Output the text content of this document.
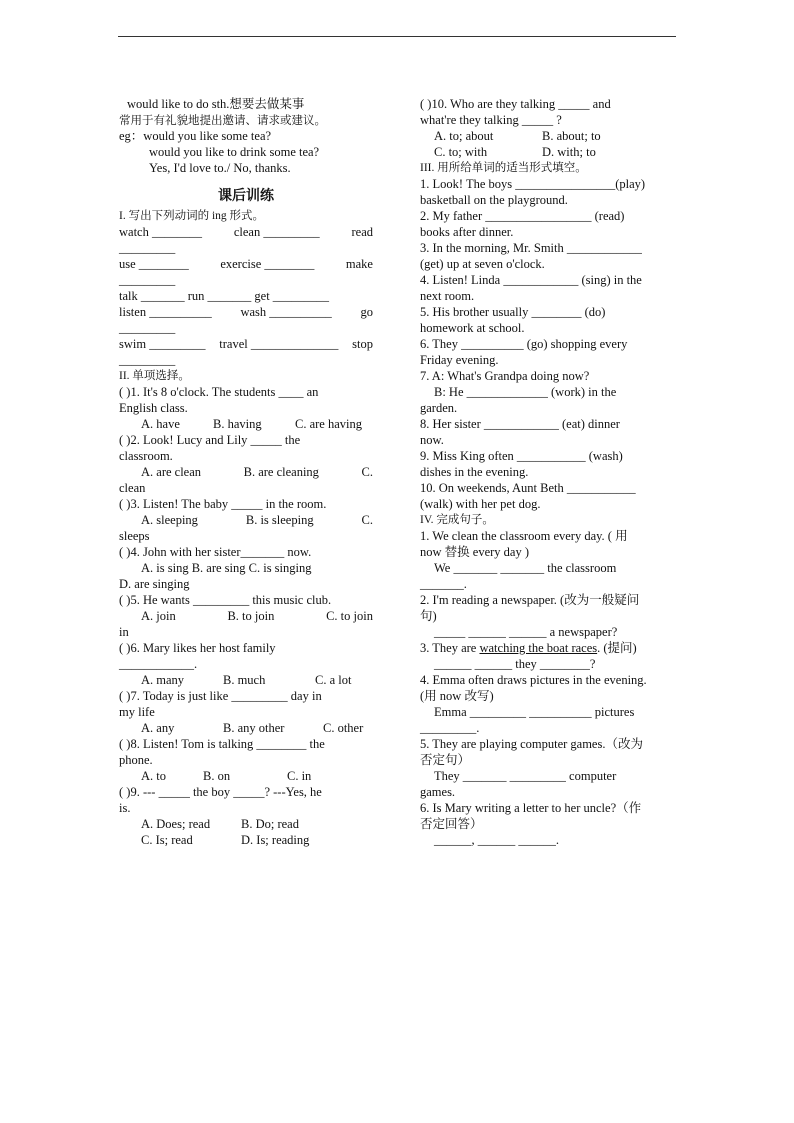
would like to do sth.想要去做某事
常用于有礼貌地提出邀请、请求或建议。
eg：would you like some tea?
would you like to drink some tea?
Yes, I'd love to./ No, thanks.
课后训练
I. 写出下列动词的 ing 形式。
watch ________	clean _________	read
_________
use ________	exercise ________	make
_________
talk _______ run _______ get _________
listen __________ wash __________ go
_________
swim _________ travel ______________ stop
_________
II. 单项选择。
( )1. It's 8 o'clock. The students ____ an
English class.
A. have	B. having	C. are having
( )2. Look! Lucy and Lily _____ the
classroom.
A. are clean	B. are cleaning	C.
clean
( )3. Listen! The baby _____ in the room.
A. sleeping	B. is sleeping	C.
sleeps
( )4. John with her sister_______ now.
A. is sing B. are sing C. is singing
D. are singing
( )5. He wants _________ this music club.
A. join	B. to join	C. to join
in
( )6. Mary likes her host family
____________.
A. many	B. much	C. a lot
( )7. Today is just like _________ day in
my life
A. any	B. any other	C. other
( )8. Listen! Tom is talking ________ the
phone.
A. to	B. on	C. in
( )9. --- _____ the boy _____? ---Yes, he
is.
A. Does; read	B. Do; read
C. Is; read	D. Is; reading
( )10. Who are they talking _____ and
what're they talking _____ ?
A. to; about	B. about; to
C. to; with	D. with; to
III. 用所给单词的适当形式填空。
1. Look! The boys ________________(play)
basketball on the playground.
2. My father _________________ (read)
books after dinner.
3. In the morning, Mr. Smith ____________
(get) up at seven o'clock.
4. Listen! Linda ____________ (sing) in the
next room.
5. His brother usually ________ (do)
homework at school.
6. They __________ (go) shopping every
Friday evening.
7. A: What's Grandpa doing now?
B: He _____________ (work) in the
garden.
8. Her sister ____________ (eat) dinner
now.
9. Miss King often ___________ (wash)
dishes in the evening.
10. On weekends, Aunt Beth ___________
(walk) with her pet dog.
IV. 完成句子。
1. We clean the classroom every day. ( 用
now 替换 every day )
We _______ _______ the classroom
_______.
2. I'm reading a newspaper. (改为一般疑问
句)
_____ ______ ______ a newspaper?
3. They are watching the boat races. (提问)
______ ______ they ________?
4. Emma often draws pictures in the evening.
(用 now 改写)
Emma _________ __________ pictures
_________.
5. They are playing computer games.（改为
否定句）
They _______ _________ computer
games.
6. Is Mary writing a letter to her uncle?（作
否定回答）
______, ______ ______.
